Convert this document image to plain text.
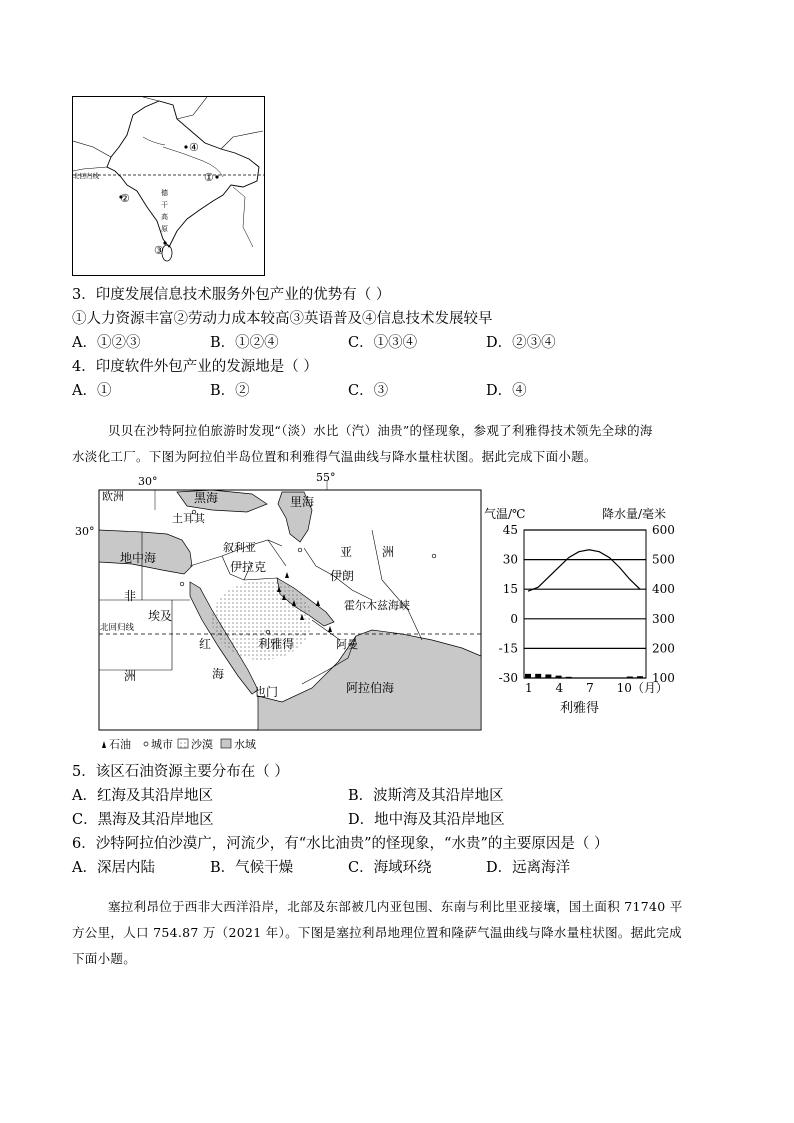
北回归线
④
①
②
③
德
干
高
原
3．印度发展信息技术服务外包产业的优势有（ ）
①人力资源丰富②劳动力成本较高③英语普及④信息技术发展较早
A．①②③	B．①②④	C．①③④	D．②③④
4．印度软件外包产业的发源地是（ ）
A．①	B．②	C．③	D．④
贝贝在沙特阿拉伯旅游时发现“（淡）水比（汽）油贵”的怪现象，参观了利雅得技术领先全球的海
水淡化工厂。下图为阿拉伯半岛位置和利雅得气温曲线与降水量柱状图。据此完成下面小题。
30°	55°
30°
欧洲	黑海	里海
土耳其
地中海
叙利亚
伊拉克
亚 洲
伊朗
非
洲
埃及
霍尔木兹海峡
北回归线
红
海
利雅得	阿曼
也门	阿拉伯海
石油 城市 沙漠 水域
气温/℃	降水量/毫米
45	600
30	500
15	400
0	300
-15	200
-30	100
1 4 7 10（月）
利雅得
5．该区石油资源主要分布在（ ）
A．红海及其沿岸地区	B．波斯湾及其沿岸地区
C．黑海及其沿岸地区	D．地中海及其沿岸地区
6．沙特阿拉伯沙漠广，河流少，有“水比油贵”的怪现象，“水贵”的主要原因是（ ）
A．深居内陆	B．气候干燥	C．海域环绕	D．远离海洋
塞拉利昂位于西非大西洋沿岸，北部及东部被几内亚包围、东南与利比里亚接壤，国土面积 71740 平
方公里，人口 754.87 万（2021 年）。下图是塞拉利昂地理位置和隆萨气温曲线与降水量柱状图。据此完成
下面小题。
